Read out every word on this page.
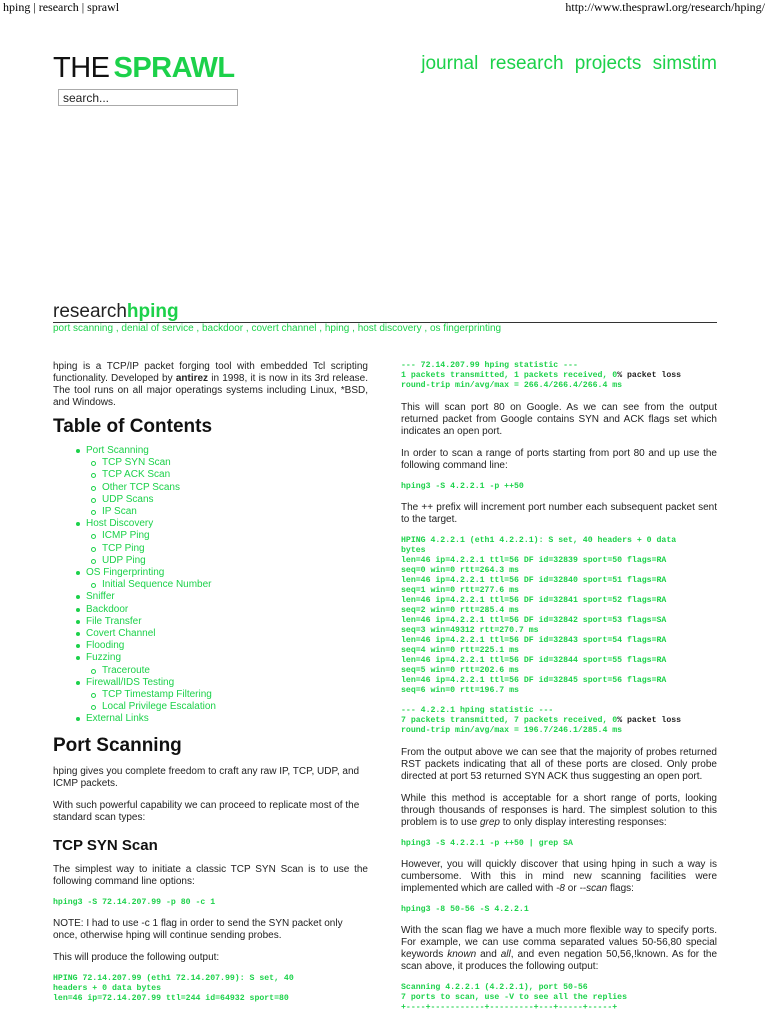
hping | research | sprawl	http://www.thesprawl.org/research/hping/
THE SPRAWL
search...	journal research projects simstim
researchhping
port scanning , denial of service , backdoor , covert channel , hping , host discovery , os fingerprinting

hping is a TCP/IP packet forging tool with embedded Tcl scripting functionality. Developed by antirez in 1998, it is now in its 3rd release. The tool runs on all major operatings systems including Linux, *BSD, and Windows.

Table of Contents
Port Scanning
TCP SYN Scan
TCP ACK Scan
Other TCP Scans
UDP Scans
IP Scan
Host Discovery
ICMP Ping
TCP Ping
UDP Ping
OS Fingerprinting
Initial Sequence Number
Sniffer
Backdoor
File Transfer
Covert Channel
Flooding
Fuzzing
Traceroute
Firewall/IDS Testing
TCP Timestamp Filtering
Local Privilege Escalation
External Links
Port Scanning

hping gives you complete freedom to craft any raw IP, TCP, UDP, and ICMP packets.

With such powerful capability we can proceed to replicate most of the standard scan types:

TCP SYN Scan

The simplest way to initiate a classic TCP SYN Scan is to use the following command line options:

hping3 -S 72.14.207.99 -p 80 -c 1

NOTE: I had to use -c 1 flag in order to send the SYN packet only once, otherwise hping will continue sending probes.

This will produce the following output:

HPING 72.14.207.99 (eth1 72.14.207.99): S set, 40
headers + 0 data bytes
len=46 ip=72.14.207.99 ttl=244 id=64932 sport=80
--- 72.14.207.99 hping statistic ---
1 packets transmitted, 1 packets received, 0% packet loss
round-trip min/avg/max = 266.4/266.4/266.4 ms

This will scan port 80 on Google. As we can see from the output returned packet from Google contains SYN and ACK flags set which indicates an open port.

In order to scan a range of ports starting from port 80 and up use the following command line:

hping3 -S 4.2.2.1 -p ++50

The ++ prefix will increment port number each subsequent packet sent to the target.

HPING 4.2.2.1 (eth1 4.2.2.1): S set, 40 headers + 0 data
bytes
len=46 ip=4.2.2.1 ttl=56 DF id=32839 sport=50 flags=RA
seq=0 win=0 rtt=264.3 ms
len=46 ip=4.2.2.1 ttl=56 DF id=32840 sport=51 flags=RA
seq=1 win=0 rtt=277.6 ms
len=46 ip=4.2.2.1 ttl=56 DF id=32841 sport=52 flags=RA
seq=2 win=0 rtt=285.4 ms
len=46 ip=4.2.2.1 ttl=56 DF id=32842 sport=53 flags=SA
seq=3 win=49312 rtt=270.7 ms
len=46 ip=4.2.2.1 ttl=56 DF id=32843 sport=54 flags=RA
seq=4 win=0 rtt=225.1 ms
len=46 ip=4.2.2.1 ttl=56 DF id=32844 sport=55 flags=RA
seq=5 win=0 rtt=202.6 ms
len=46 ip=4.2.2.1 ttl=56 DF id=32845 sport=56 flags=RA
seq=6 win=0 rtt=196.7 ms
--- 4.2.2.1 hping statistic ---
7 packets transmitted, 7 packets received, 0% packet loss
round-trip min/avg/max = 196.7/246.1/285.4 ms

From the output above we can see that the majority of probes returned RST packets indicating that all of these ports are closed. Only probe directed at port 53 returned SYN ACK thus suggesting an open port.

While this method is acceptable for a short range of ports, looking through thousands of responses is hard. The simplest solution to this problem is to use grep to only display interesting responses:

hping3 -S 4.2.2.1 -p ++50 | grep SA

However, you will quickly discover that using hping in such a way is cumbersome. With this in mind new scanning facilities were implemented which are called with -8 or --scan flags:

hping3 -8 50-56 -S 4.2.2.1

With the scan flag we have a much more flexible way to specify ports. For example, we can use comma separated values 50-56,80 special keywords known and all, and even negation 50,56,!known. As for the scan above, it produces the following output:

Scanning 4.2.2.1 (4.2.2.1), port 50-56
7 ports to scan, use -V to see all the replies
+----+-----------+---------+---+-----+-----+
